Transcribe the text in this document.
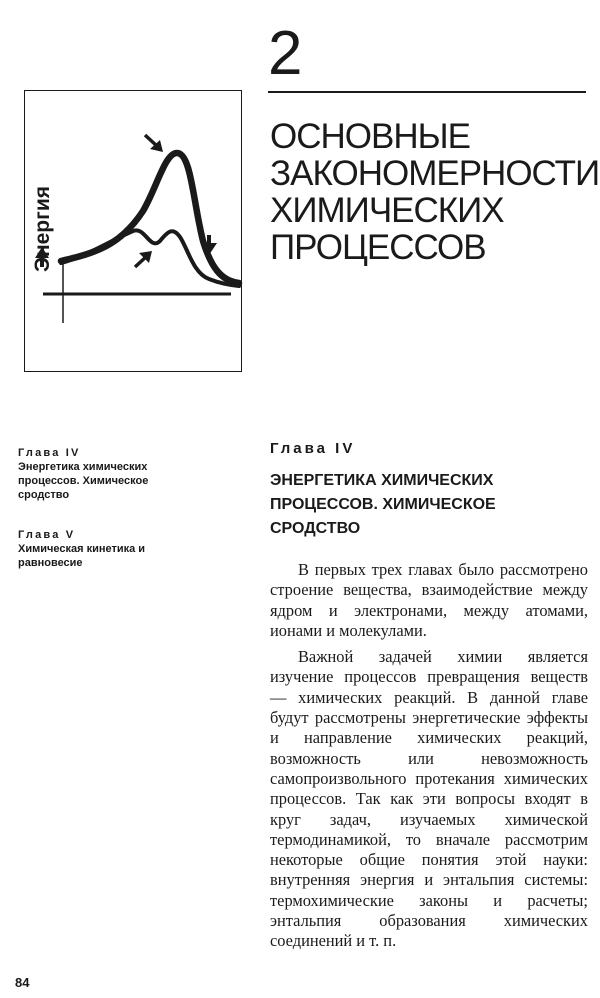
2
ОСНОВНЫЕ
ЗАКОНОМЕРНОСТИ
ХИМИЧЕСКИХ
ПРОЦЕССОВ
Энергия
Глава IV
Энергетика химических
процессов. Химическое
сродство
Глава V
Химическая кинетика и
равновесие
Глава IV
ЭНЕРГЕТИКА ХИМИЧЕСКИХ
ПРОЦЕССОВ. ХИМИЧЕСКОЕ
СРОДСТВО

В первых трех главах было рассмотрено строение вещества, взаимодействие между ядром и электронами, между атомами, ионами и молекулами.

Важной задачей химии является изучение процессов превращения веществ — химических реакций. В данной главе будут рассмотрены энергетические эффекты и направление химических реакций, возможность или невозможность самопроизвольного протекания химических процессов. Так как эти вопросы входят в круг задач, изучаемых химической термодинамикой, то вначале рассмотрим некоторые общие понятия этой науки: внутренняя энергия и энтальпия системы: термохимические законы и расчеты; энтальпия образования химических соединений и т. п.

84
